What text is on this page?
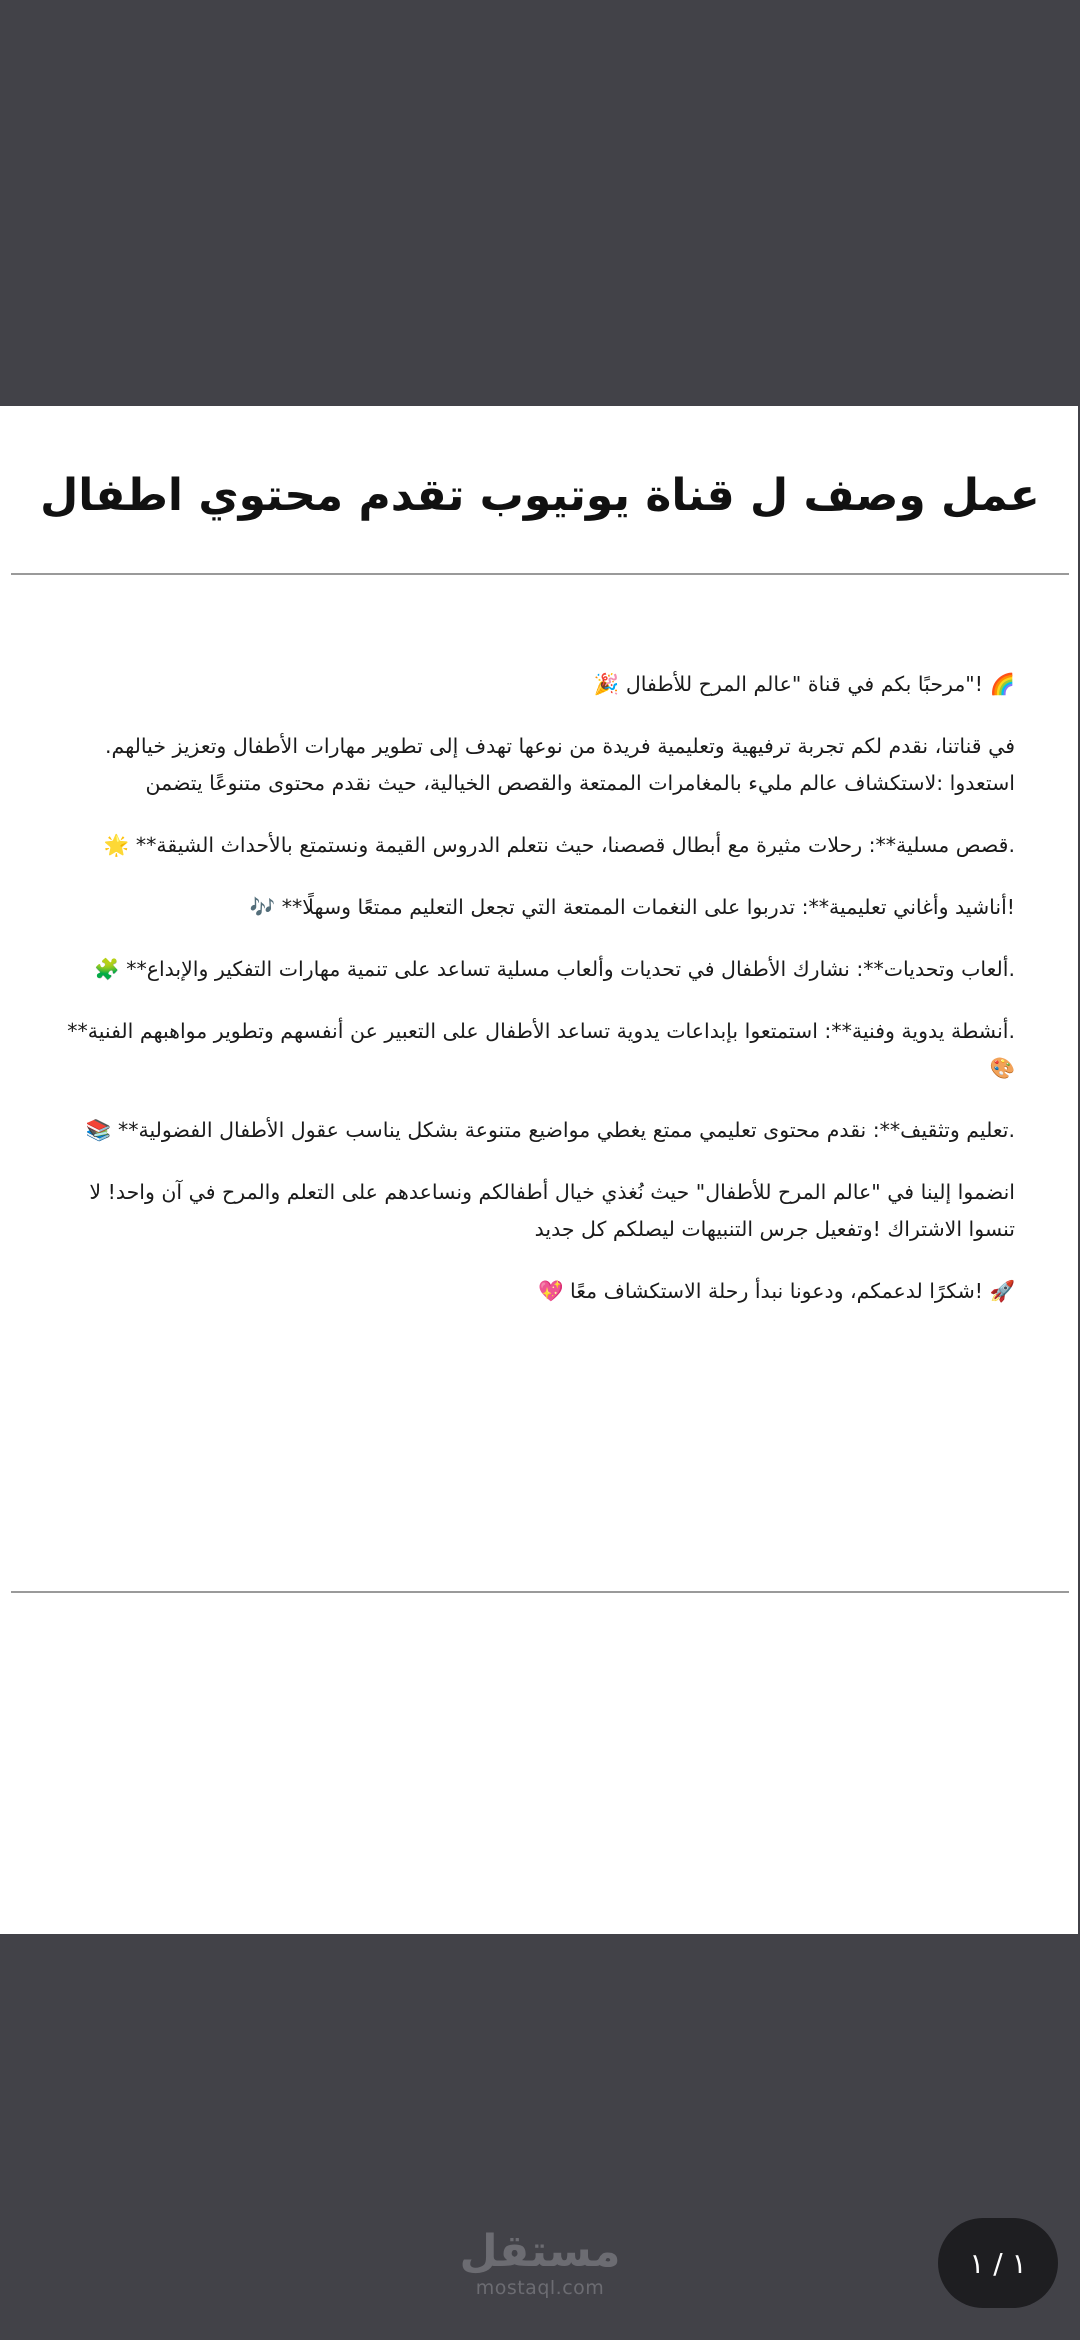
عمل وصف ل قناة يوتيوب تقدم محتوي اطفال

🌈 !"مرحبًا بكم في قناة "عالم المرح للأطفال 🎉

في قناتنا، نقدم لكم تجربة ترفيهية وتعليمية فريدة من نوعها تهدف إلى تطوير مهارات الأطفال وتعزيز خيالهم. استعدوا :لاستكشاف عالم مليء بالمغامرات الممتعة والقصص الخيالية، حيث نقدم محتوى متنوعًا يتضمن

.قصص مسلية**: رحلات مثيرة مع أبطال قصصنا، حيث نتعلم الدروس القيمة ونستمتع بالأحداث الشيقة** 🌟

!أناشيد وأغاني تعليمية**: تدربوا على النغمات الممتعة التي تجعل التعليم ممتعًا وسهلًا** 🎶

.ألعاب وتحديات**: نشارك الأطفال في تحديات وألعاب مسلية تساعد على تنمية مهارات التفكير والإبداع** 🧩

.أنشطة يدوية وفنية**: استمتعوا بإبداعات يدوية تساعد الأطفال على التعبير عن أنفسهم وتطوير مواهبهم الفنية** 🎨

.تعليم وتثقيف**: نقدم محتوى تعليمي ممتع يغطي مواضيع متنوعة بشكل يناسب عقول الأطفال الفضولية** 📚

انضموا إلينا في "عالم المرح للأطفال" حيث نُغذي خيال أطفالكم ونساعدهم على التعلم والمرح في آن واحد! لا تنسوا الاشتراك !وتفعيل جرس التنبيهات ليصلكم كل جديد

🚀 !شكرًا لدعمكم، ودعونا نبدأ رحلة الاستكشاف معًا 💖

مستقل
mostaql.com
١ / ١
